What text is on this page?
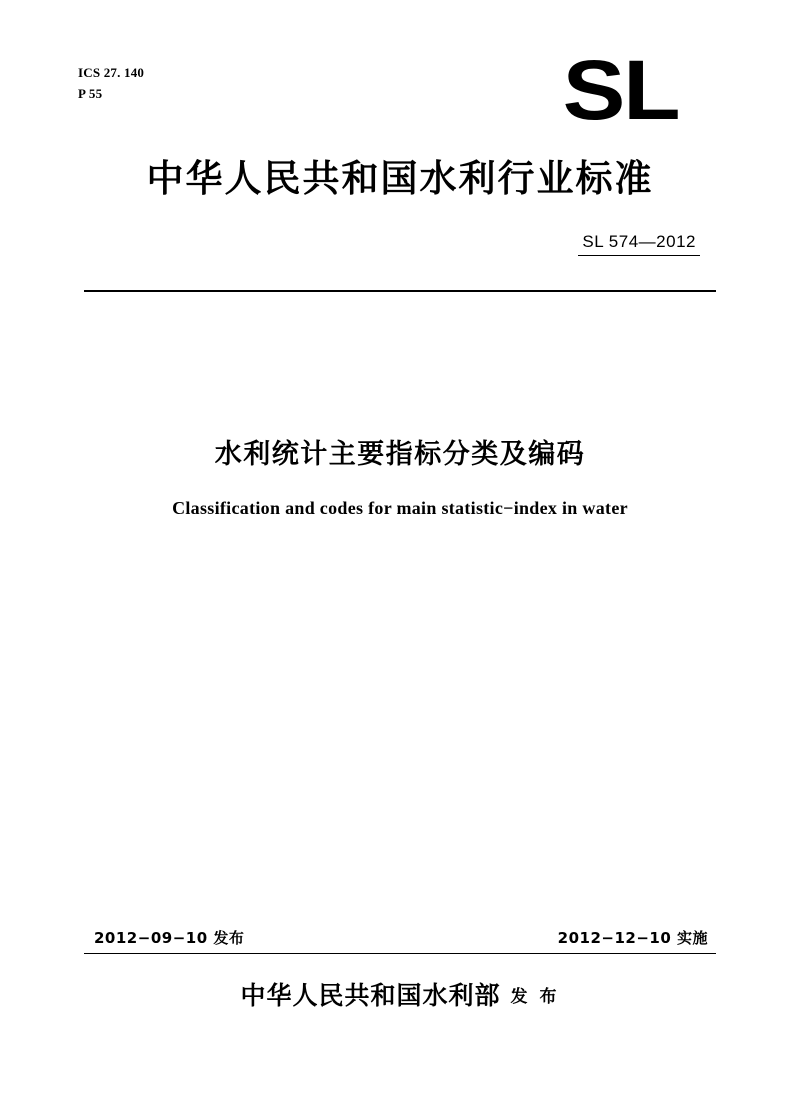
ICS 27. 140
P 55	SL
中华人民共和国水利行业标准
SL 574—2012
水利统计主要指标分类及编码
Classification and codes for main statistic−index in water
2012−09−10 发布	2012−12−10 实施
中华人民共和国水利部 发 布
